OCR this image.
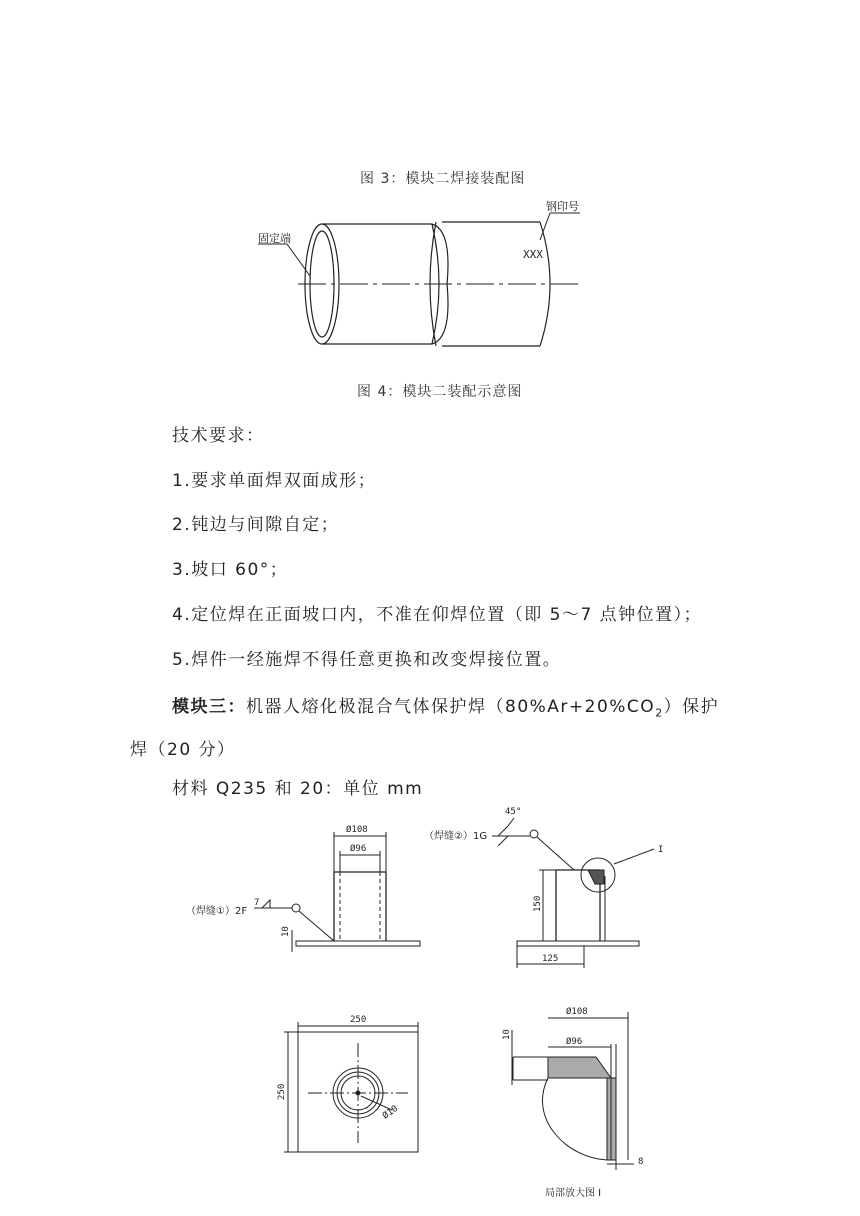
图 3：模块二焊接装配图
固定端
钢印号
XXX
图 4：模块二装配示意图
技术要求：
1.要求单面焊双面成形；
2.钝边与间隙自定；
3.坡口 60°；
4.定位焊在正面坡口内，不准在仰焊位置（即 5～7 点钟位置）；
5.焊件一经施焊不得任意更换和改变焊接位置。
模块三：机器人熔化极混合气体保护焊$(80\%Ar+20\%CO_2)$保护
焊（20 分）
材料 Q235 和 20：单位 mm
Ø108
Ø96
（焊缝①）2F
7
10
45°
（焊缝②）1G
I
150
125
250
250
Ø10
10
Ø108
Ø96
8
局部放大图 I
